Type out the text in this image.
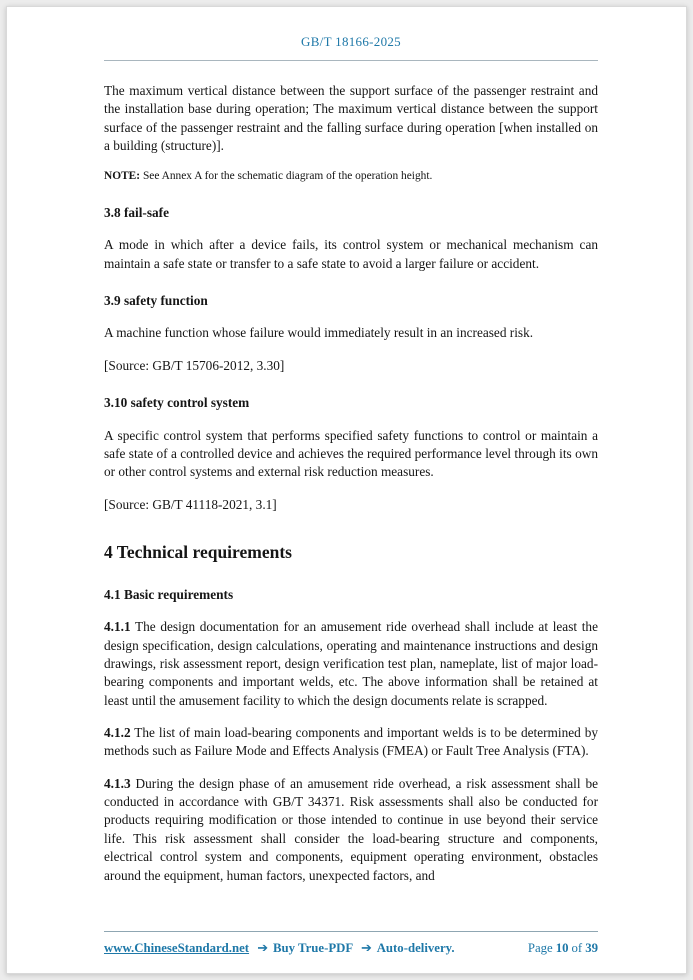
GB/T 18166-2025

The maximum vertical distance between the support surface of the passenger restraint and the installation base during operation; The maximum vertical distance between the support surface of the passenger restraint and the falling surface during operation [when installed on a building (structure)].

NOTE: See Annex A for the schematic diagram of the operation height.

3.8 fail-safe

A mode in which after a device fails, its control system or mechanical mechanism can maintain a safe state or transfer to a safe state to avoid a larger failure or accident.

3.9 safety function

A machine function whose failure would immediately result in an increased risk.

[Source: GB/T 15706-2012, 3.30]

3.10 safety control system

A specific control system that performs specified safety functions to control or maintain a safe state of a controlled device and achieves the required performance level through its own or other control systems and external risk reduction measures.

[Source: GB/T 41118-2021, 3.1]

4 Technical requirements
4.1 Basic requirements

4.1.1 The design documentation for an amusement ride overhead shall include at least the design specification, design calculations, operating and maintenance instructions and design drawings, risk assessment report, design verification test plan, nameplate, list of major load-bearing components and important welds, etc. The above information shall be retained at least until the amusement facility to which the design documents relate is scrapped.

4.1.2 The list of main load-bearing components and important welds is to be determined by methods such as Failure Mode and Effects Analysis (FMEA) or Fault Tree Analysis (FTA).

4.1.3 During the design phase of an amusement ride overhead, a risk assessment shall be conducted in accordance with GB/T 34371. Risk assessments shall also be conducted for products requiring modification or those intended to continue in use beyond their service life. This risk assessment shall consider the load-bearing structure and components, electrical control system and components, equipment operating environment, obstacles around the equipment, human factors, unexpected factors, and

www.ChineseStandard.net ➔ Buy True-PDF ➔ Auto-delivery.	Page 10 of 39
